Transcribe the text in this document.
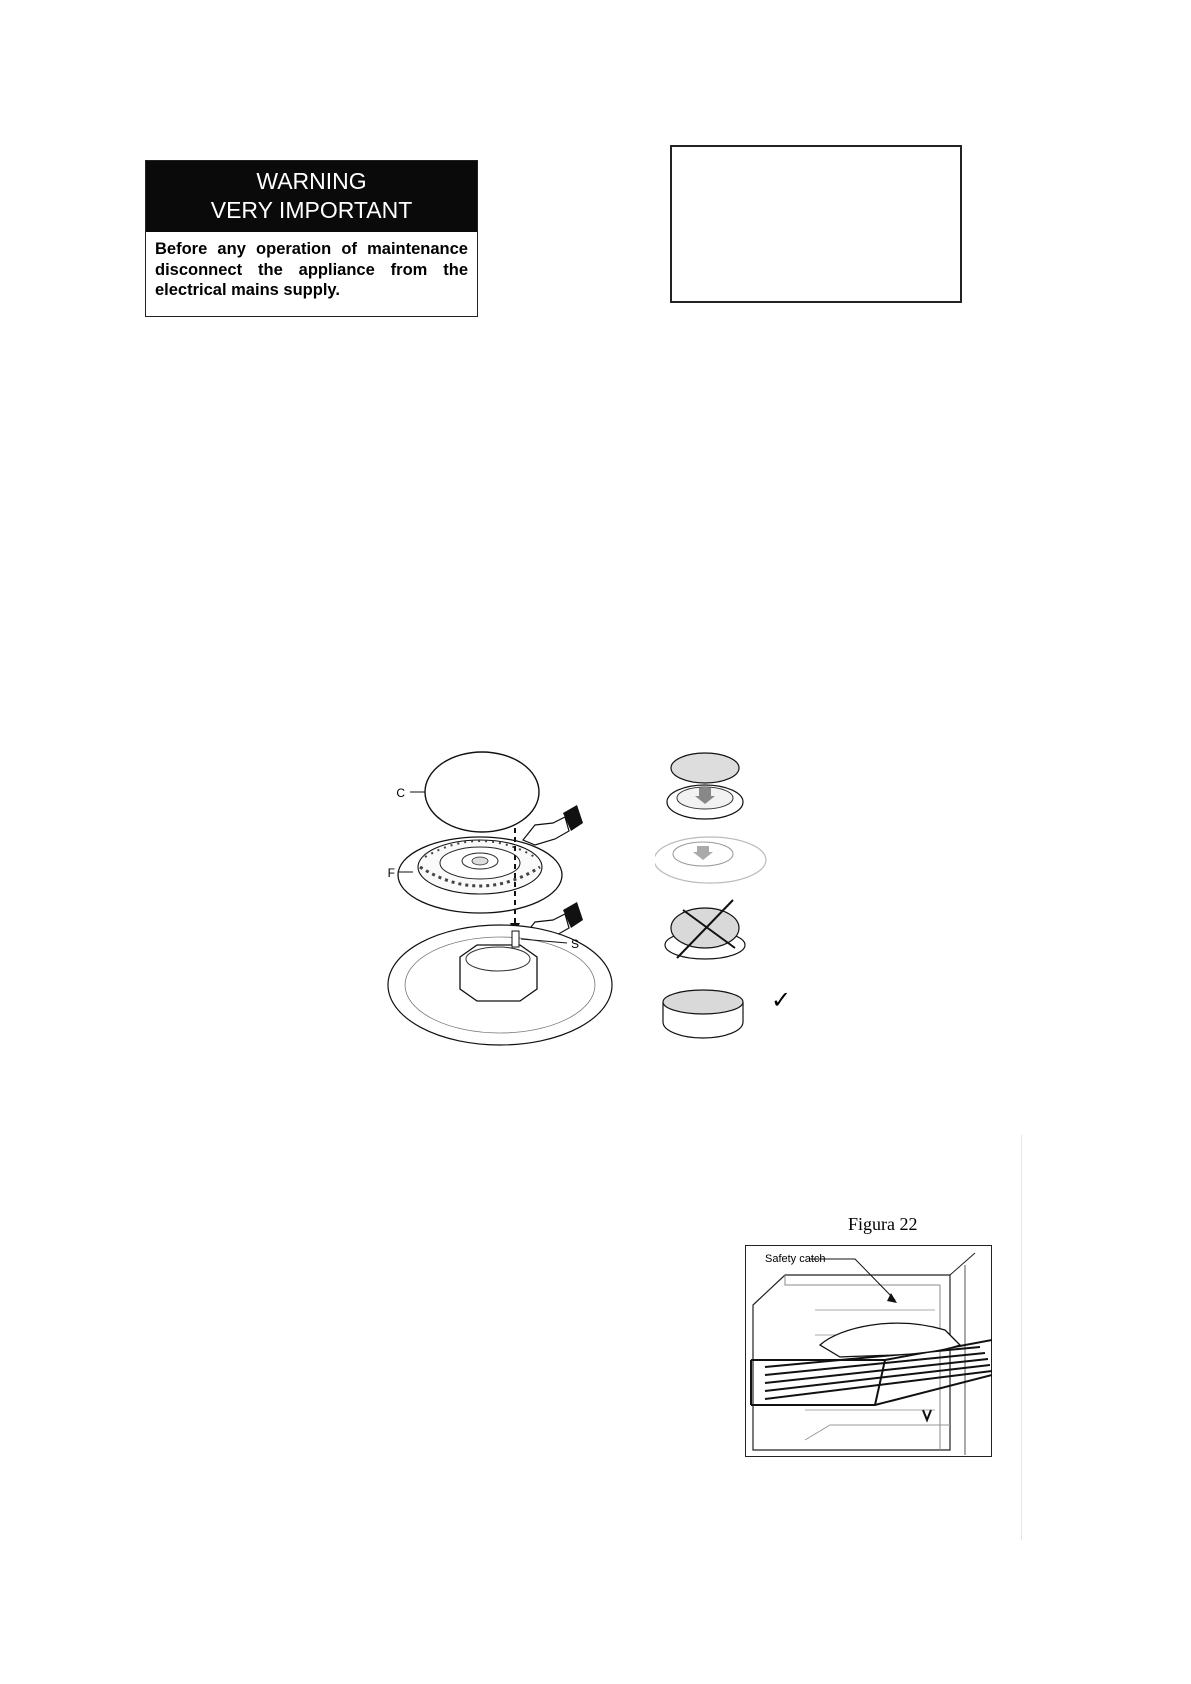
WARNING
VERY IMPORTANT
Before any operation of maintenance disconnect the appliance from the electrical mains supply.
C
F
S
✓
Figura 22
Safety catch
